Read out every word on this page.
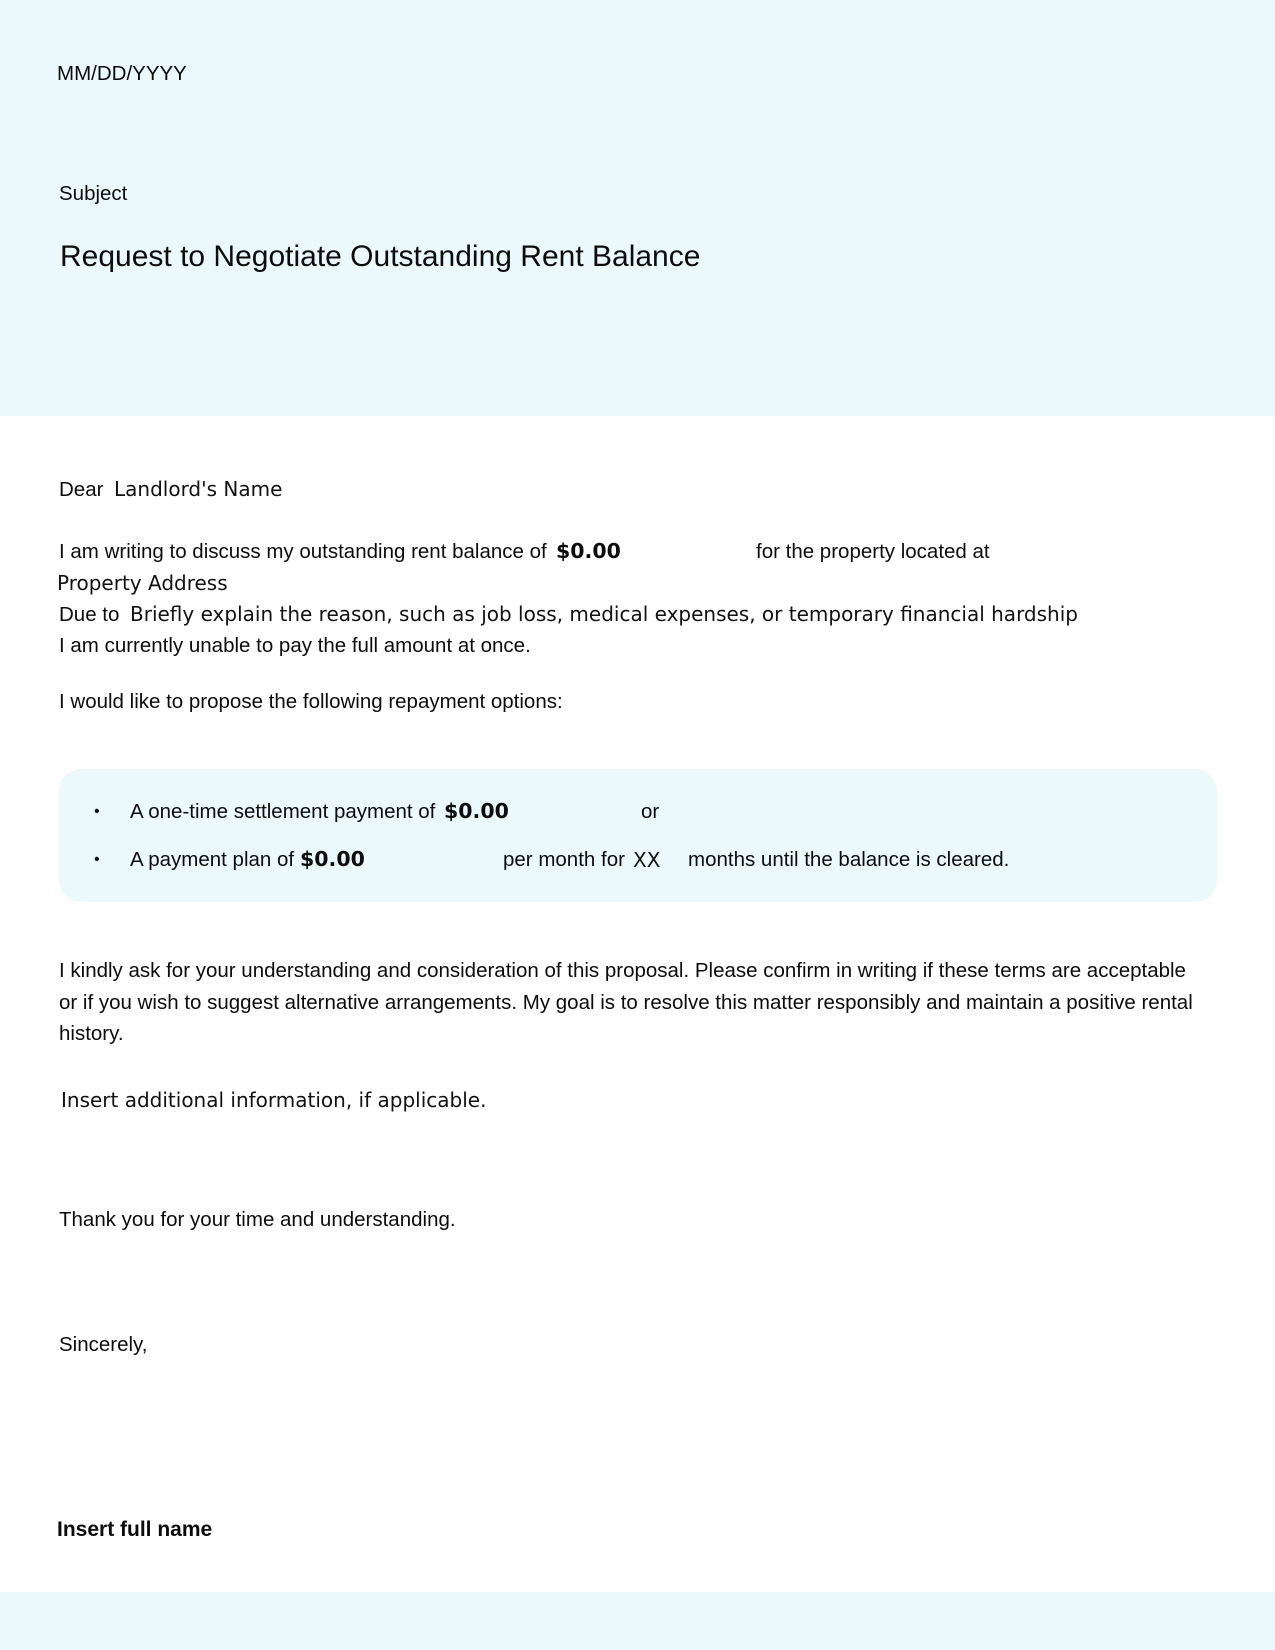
MM/DD/YYYY
Subject
Request to Negotiate Outstanding Rent Balance
Dear Landlord's Name
I am writing to discuss my outstanding rent balance of $0.00	for the property located at
Property Address
Due to Briefly explain the reason, such as job loss, medical expenses, or temporary financial hardship
I am currently unable to pay the full amount at once.
I would like to propose the following repayment options:
• A one-time settlement payment of $0.00	or
• A payment plan of $0.00	per month for XX months until the balance is cleared.
I kindly ask for your understanding and consideration of this proposal. Please confirm in writing if these terms are acceptable or if you wish to suggest alternative arrangements. My goal is to resolve this matter responsibly and maintain a positive rental history.
Insert additional information, if applicable.
Thank you for your time and understanding.
Sincerely,
Insert full name
